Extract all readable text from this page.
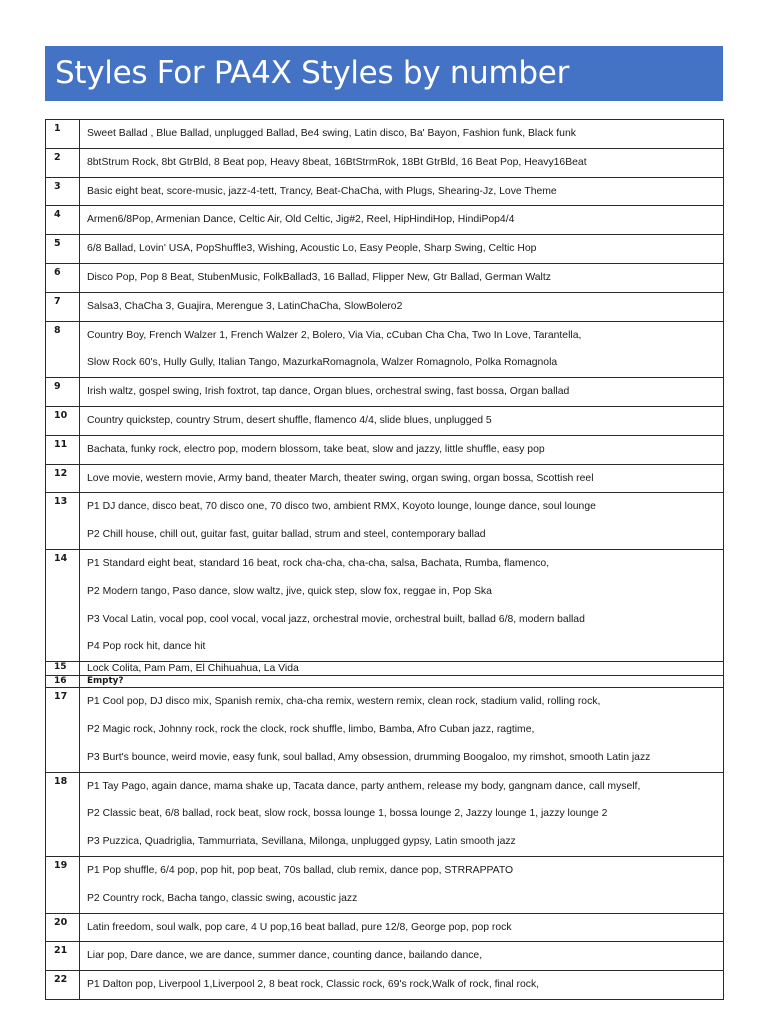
Styles For PA4X Styles by number
1	Sweet Ballad , Blue Ballad, unplugged Ballad, Be4 swing, Latin disco, Ba' Bayon, Fashion funk, Black funk

2	8btStrum Rock, 8bt GtrBld, 8 Beat pop, Heavy 8beat, 16BtStrmRok, 18Bt GtrBld, 16 Beat Pop, Heavy16Beat

3	Basic eight beat, score-music, jazz-4-tett, Trancy, Beat-ChaCha, with Plugs, Shearing-Jz, Love Theme

4	Armen6/8Pop, Armenian Dance, Celtic Air, Old Celtic, Jig#2, Reel, HipHindiHop, HindiPop4/4

5	6/8 Ballad, Lovin' USA, PopShuffle3, Wishing, Acoustic Lo, Easy People, Sharp Swing, Celtic Hop

6	Disco Pop, Pop 8 Beat, StubenMusic, FolkBallad3, 16 Ballad, Flipper New, Gtr Ballad, German Waltz

7	Salsa3, ChaCha 3, Guajira, Merengue 3, LatinChaCha, SlowBolero2

8	Country Boy, French Walzer 1, French Walzer 2, Bolero, Via Via, cCuban Cha Cha, Two In Love, Tarantella,
Slow Rock 60's, Hully Gully, Italian Tango, MazurkaRomagnola, Walzer Romagnolo, Polka Romagnola

9	Irish waltz, gospel swing, Irish foxtrot, tap dance, Organ blues, orchestral swing, fast bossa, Organ ballad

10	Country quickstep, country Strum, desert shuffle, flamenco 4/4, slide blues, unplugged 5

11	Bachata, funky rock, electro pop, modern blossom, take beat, slow and jazzy, little shuffle, easy pop

12	Love movie, western movie, Army band, theater March, theater swing, organ swing, organ bossa, Scottish reel

13	P1 DJ dance, disco beat, 70 disco one, 70 disco two, ambient RMX, Koyoto lounge, lounge dance, soul lounge
P2 Chill house, chill out, guitar fast, guitar ballad, strum and steel, contemporary ballad

14	P1 Standard eight beat, standard 16 beat, rock cha-cha, cha-cha, salsa, Bachata, Rumba, flamenco,
P2 Modern tango, Paso dance, slow waltz, jive, quick step, slow fox, reggae in, Pop Ska
P3 Vocal Latin, vocal pop, cool vocal, vocal jazz, orchestral movie, orchestral built, ballad 6/8, modern ballad
P4 Pop rock hit, dance hit

15	Lock Colita, Pam Pam, El Chihuahua, La Vida

16	Empty?

17	P1 Cool pop, DJ disco mix, Spanish remix, cha-cha remix, western remix, clean rock, stadium valid, rolling rock,
P2 Magic rock, Johnny rock, rock the clock, rock shuffle, limbo, Bamba, Afro Cuban jazz, ragtime,
P3 Burt's bounce, weird movie, easy funk, soul ballad, Amy obsession, drumming Boogaloo, my rimshot, smooth Latin jazz

18	P1 Tay Pago, again dance, mama shake up, Tacata dance, party anthem, release my body, gangnam dance, call myself,
P2 Classic beat, 6/8 ballad, rock beat, slow rock, bossa lounge 1, bossa lounge 2, Jazzy lounge 1, jazzy lounge 2
P3 Puzzica, Quadriglia, Tammurriata, Sevillana, Milonga, unplugged gypsy, Latin smooth jazz

19	P1 Pop shuffle, 6/4 pop, pop hit, pop beat, 70s ballad, club remix, dance pop, STRRAPPATO
P2 Country rock, Bacha tango, classic swing, acoustic jazz

20	Latin freedom, soul walk, pop care, 4 U pop,16 beat ballad, pure 12/8, George pop, pop rock

21	Liar pop, Dare dance, we are dance, summer dance, counting dance, bailando dance,

22	P1 Dalton pop, Liverpool 1,Liverpool 2, 8 beat rock, Classic rock, 69's rock,Walk of rock, final rock,
